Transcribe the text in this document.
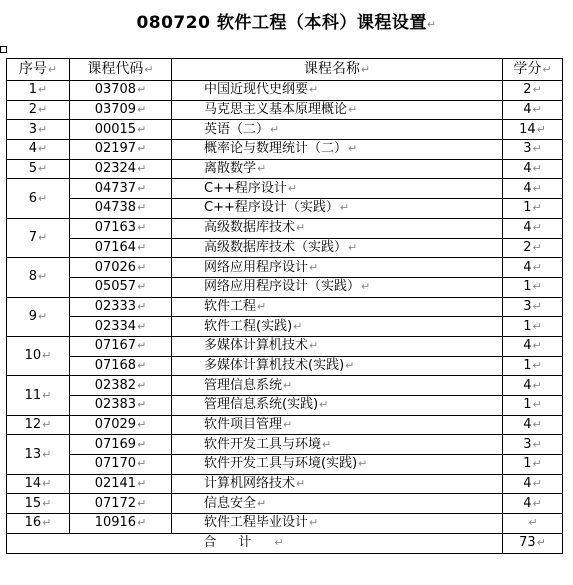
080720 软件工程（本科）课程设置↵
序号↵	课程代码↵	课程名称↵	学分↵
1↵	03708↵	中国近现代史纲要↵	2↵
2↵	03709↵	马克思主义基本原理概论↵	4↵
3↵	00015↵	英语（二）↵	14↵
4↵	02197↵	概率论与数理统计（二）↵	3↵
5↵	02324↵	离散数学↵	4↵
6↵	04737↵	C++程序设计↵	4↵
	04738↵	C++程序设计（实践）↵	1↵
7↵	07163↵	高级数据库技术↵	4↵
	07164↵	高级数据库技术（实践）↵	2↵
8↵	07026↵	网络应用程序设计↵	4↵
	05057↵	网络应用程序设计（实践）↵	1↵
9↵	02333↵	软件工程↵	3↵
	02334↵	软件工程(实践)↵	1↵
10↵	07167↵	多媒体计算机技术↵	4↵
	07168↵	多媒体计算机技术(实践)↵	1↵
11↵	02382↵	管理信息系统↵	4↵
	02383↵	管理信息系统(实践)↵	1↵
12↵	07029↵	软件项目管理↵	4↵
13↵	07169↵	软件开发工具与环境↵	3↵
	07170↵	软件开发工具与环境(实践)↵	1↵
14↵	02141↵	计算机网络技术↵	4↵
15↵	07172↵	信息安全↵	4↵
16↵	10916↵	软件工程毕业设计↵	↵
合计↵			73↵
